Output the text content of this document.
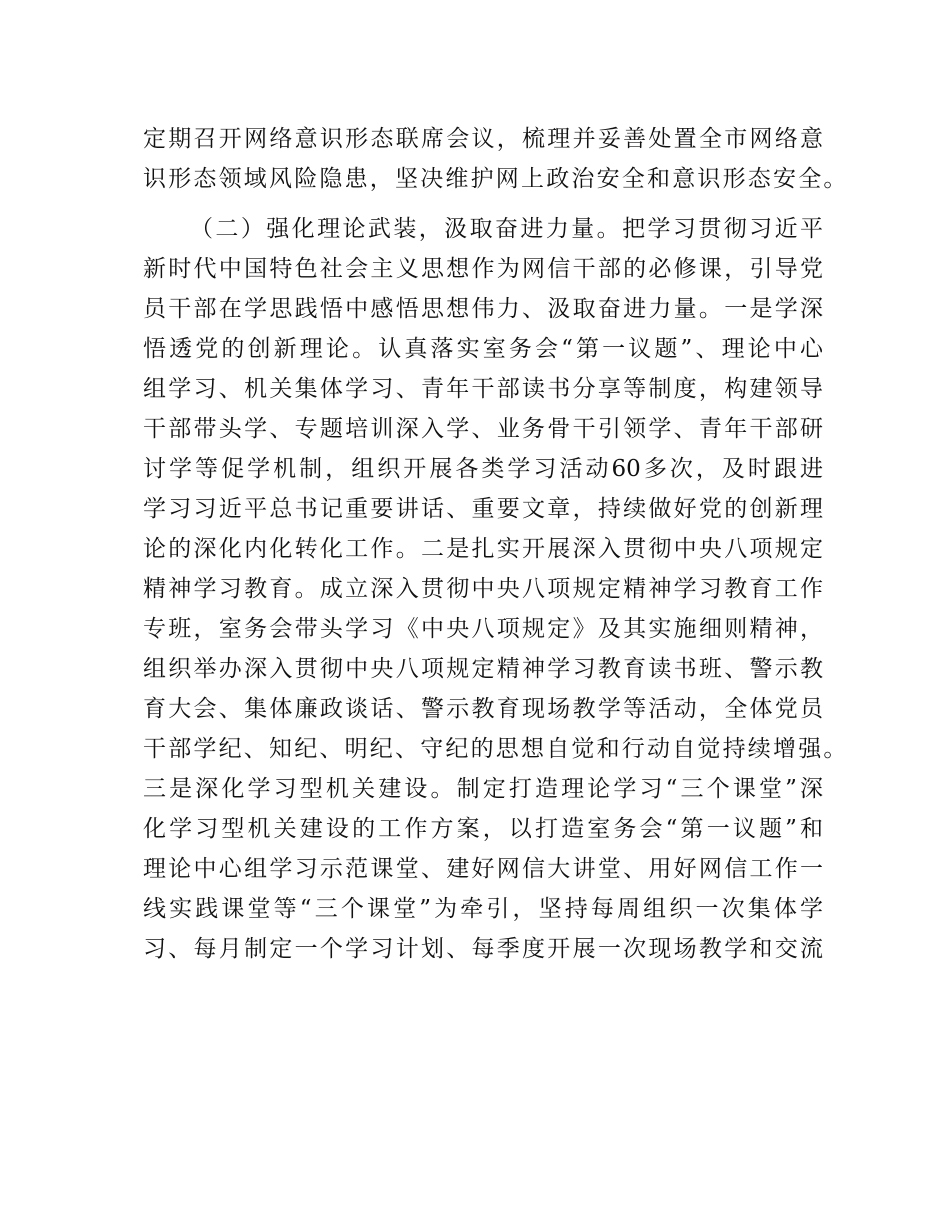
定期召开网络意识形态联席会议，梳理并妥善处置全市网络意
识形态领域风险隐患，坚决维护网上政治安全和意识形态安全。
（二）强化理论武装，汲取奋进力量。把学习贯彻习近平
新时代中国特色社会主义思想作为网信干部的必修课，引导党
员干部在学思践悟中感悟思想伟力、汲取奋进力量。一是学深
悟透党的创新理论。认真落实室务会“第一议题”、理论中心
组学习、机关集体学习、青年干部读书分享等制度，构建领导
干部带头学、专题培训深入学、业务骨干引领学、青年干部研
讨学等促学机制，组织开展各类学习活动60多次，及时跟进
学习习近平总书记重要讲话、重要文章，持续做好党的创新理
论的深化内化转化工作。二是扎实开展深入贯彻中央八项规定
精神学习教育。成立深入贯彻中央八项规定精神学习教育工作
专班，室务会带头学习《中央八项规定》及其实施细则精神，
组织举办深入贯彻中央八项规定精神学习教育读书班、警示教
育大会、集体廉政谈话、警示教育现场教学等活动，全体党员
干部学纪、知纪、明纪、守纪的思想自觉和行动自觉持续增强。
三是深化学习型机关建设。制定打造理论学习“三个课堂”深
化学习型机关建设的工作方案，以打造室务会“第一议题”和
理论中心组学习示范课堂、建好网信大讲堂、用好网信工作一
线实践课堂等“三个课堂”为牵引，坚持每周组织一次集体学
习、每月制定一个学习计划、每季度开展一次现场教学和交流
